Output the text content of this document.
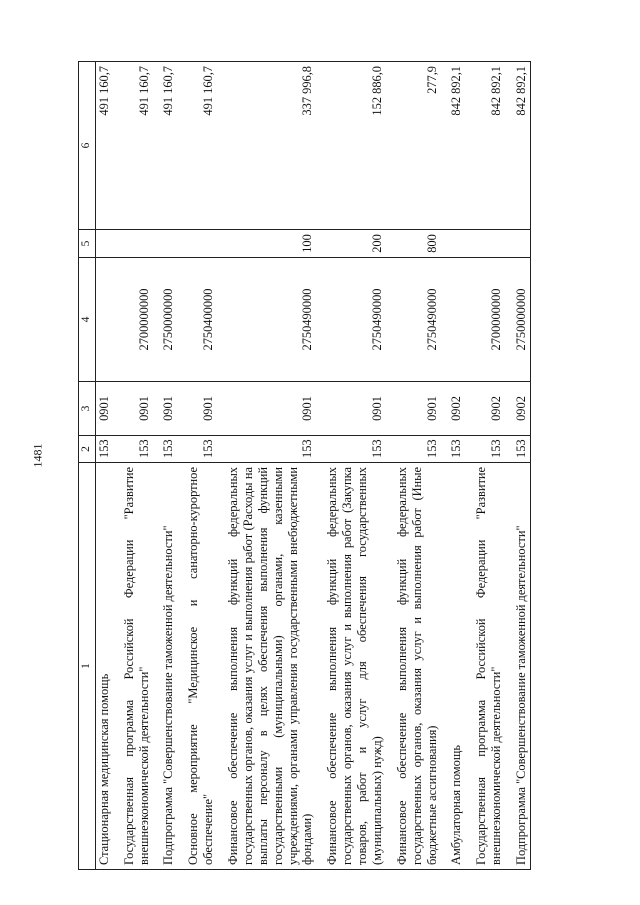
1481
1	2	3	4	5	6
Стационарная медицинская помощь	153	0901			491 160,7
Государственная программа Российской Федерации "Развитие внешнеэкономической деятельности"	153	0901	2700000000		491 160,7
Подпрограмма "Совершенствование таможенной деятельности"	153	0901	2750000000		491 160,7
Основное мероприятие "Медицинское и санаторно-курортное обеспечение"	153	0901	2750400000		491 160,7
Финансовое обеспечение выполнения функций федеральных государственных органов, оказания услуг и выполнения работ (Расходы на выплаты персоналу в целях обеспечения выполнения функций государственными (муниципальными) органами, казенными учреждениями, органами управления государственными внебюджетными фондами)	153	0901	2750490000	100	337 996,8
Финансовое обеспечение выполнения функций федеральных государственных органов, оказания услуг и выполнения работ (Закупка товаров, работ и услуг для обеспечения государственных (муниципальных) нужд)	153	0901	2750490000	200	152 886,0
Финансовое обеспечение выполнения функций федеральных государственных органов, оказания услуг и выполнения работ (Иные бюджетные ассигнования)	153	0901	2750490000	800	277,9
Амбулаторная помощь	153	0902			842 892,1
Государственная программа Российской Федерации "Развитие внешнеэкономической деятельности"	153	0902	2700000000		842 892,1
Подпрограмма "Совершенствование таможенной деятельности"	153	0902	2750000000		842 892,1
